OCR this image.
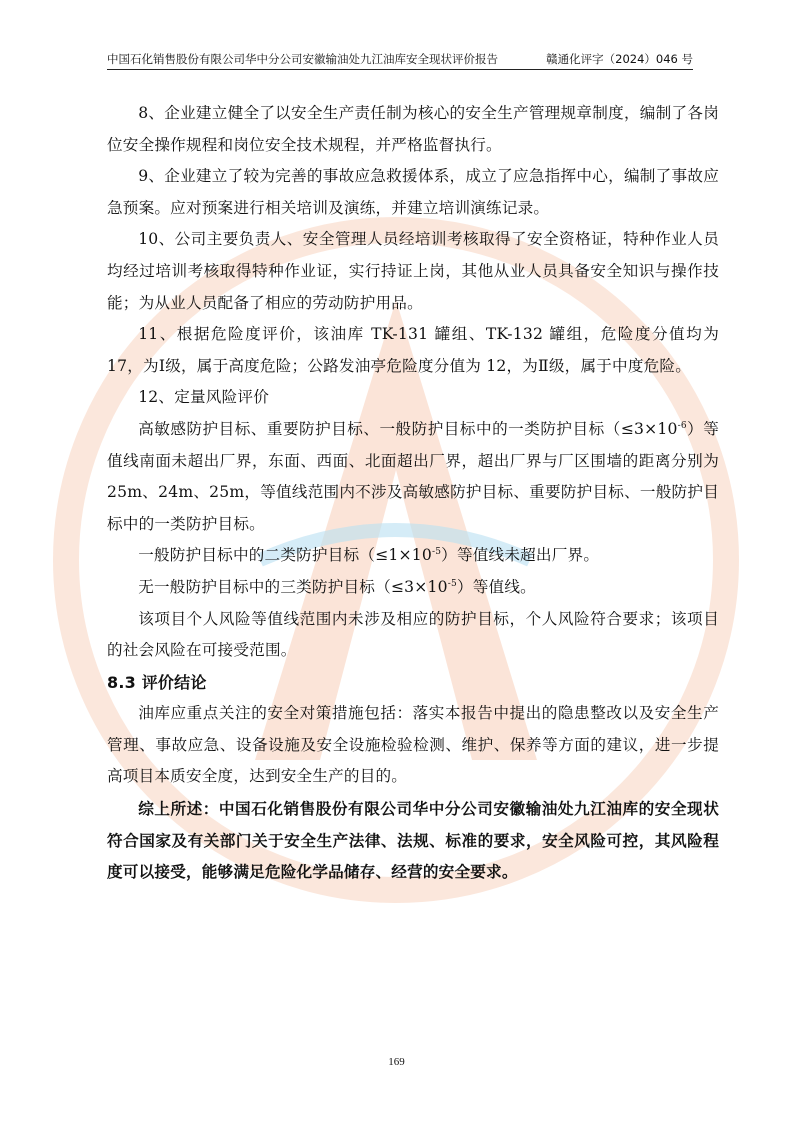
中国石化销售股份有限公司华中分公司安徽输油处九江油库安全现状评价报告	赣通化评字（2024）046 号

8、企业建立健全了以安全生产责任制为核心的安全生产管理规章制度，编制了各岗位安全操作规程和岗位安全技术规程，并严格监督执行。

9、企业建立了较为完善的事故应急救援体系，成立了应急指挥中心，编制了事故应急预案。应对预案进行相关培训及演练，并建立培训演练记录。

10、公司主要负责人、安全管理人员经培训考核取得了安全资格证，特种作业人员均经过培训考核取得特种作业证，实行持证上岗，其他从业人员具备安全知识与操作技能；为从业人员配备了相应的劳动防护用品。

11、根据危险度评价，该油库 TK-131 罐组、TK-132 罐组，危险度分值均为 17，为Ⅰ级，属于高度危险；公路发油亭危险度分值为 12，为Ⅱ级，属于中度危险。

12、定量风险评价

高敏感防护目标、重要防护目标、一般防护目标中的一类防护目标$(\le 3\times 10^{-6})$等值线南面未超出厂界，东面、西面、北面超出厂界，超出厂界与厂区围墙的距离分别为 25m、24m、25m，等值线范围内不涉及高敏感防护目标、重要防护目标、一般防护目标中的一类防护目标。

一般防护目标中的二类防护目标$(\le 1\times 10^{-5})$等值线未超出厂界。

无一般防护目标中的三类防护目标$(\le 3\times 10^{-5})$等值线。

该项目个人风险等值线范围内未涉及相应的防护目标，个人风险符合要求；该项目的社会风险在可接受范围。

8.3 评价结论

油库应重点关注的安全对策措施包括：落实本报告中提出的隐患整改以及安全生产管理、事故应急、设备设施及安全设施检验检测、维护、保养等方面的建议，进一步提高项目本质安全度，达到安全生产的目的。

综上所述：中国石化销售股份有限公司华中分公司安徽输油处九江油库的安全现状符合国家及有关部门关于安全生产法律、法规、标准的要求，安全风险可控，其风险程度可以接受，能够满足危险化学品储存、经营的安全要求。

169
